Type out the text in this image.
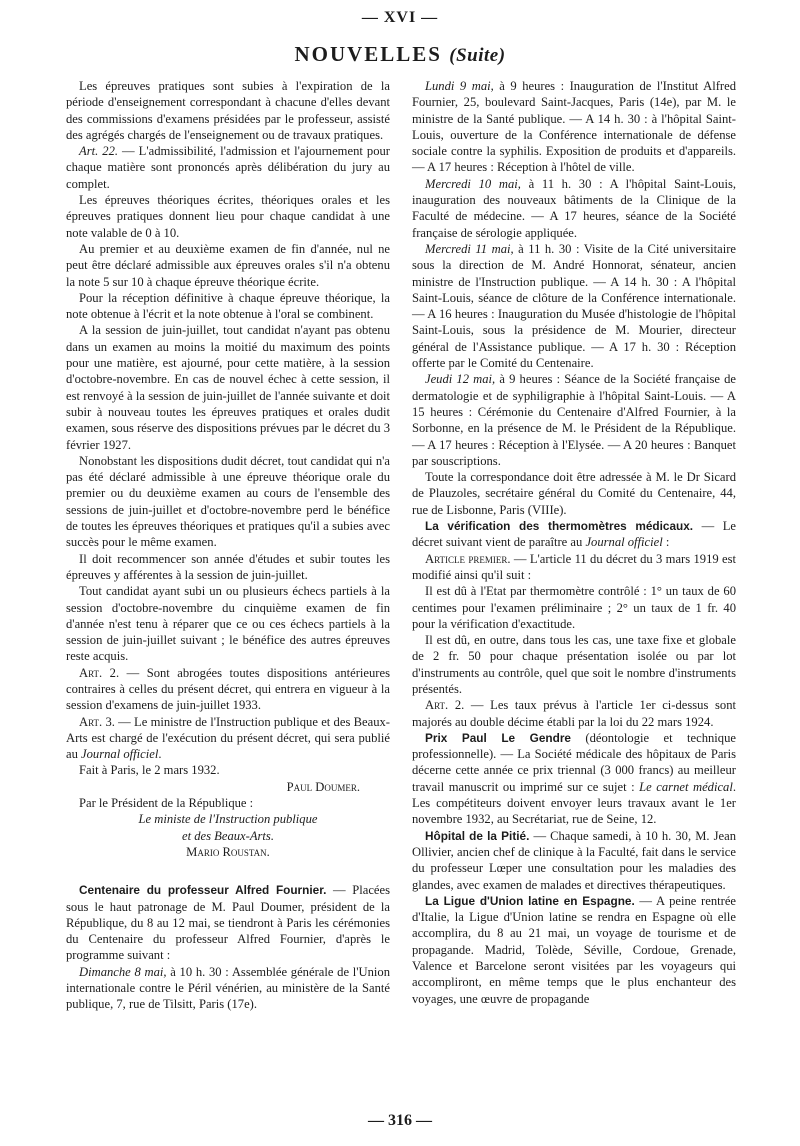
— XVI —
NOUVELLES (Suite)

Les épreuves pratiques sont subies à l'expiration de la période d'enseignement correspondant à chacune d'elles devant des commissions d'examens présidées par le professeur, assisté des agrégés chargés de l'enseignement ou de travaux pratiques.

Art. 22. — L'admissibilité, l'admission et l'ajournement pour chaque matière sont prononcés après délibération du jury au complet.

Les épreuves théoriques écrites, théoriques orales et les épreuves pratiques donnent lieu pour chaque candidat à une note valable de 0 à 10.

Au premier et au deuxième examen de fin d'année, nul ne peut être déclaré admissible aux épreuves orales s'il n'a obtenu la note 5 sur 10 à chaque épreuve théorique écrite.

Pour la réception définitive à chaque épreuve théorique, la note obtenue à l'écrit et la note obtenue à l'oral se combinent.

A la session de juin-juillet, tout candidat n'ayant pas obtenu dans un examen au moins la moitié du maximum des points pour une matière, est ajourné, pour cette matière, à la session d'octobre-novembre. En cas de nouvel échec à cette session, il est renvoyé à la session de juin-juillet de l'année suivante et doit subir à nouveau toutes les épreuves pratiques et orales dudit examen, sous réserve des dispositions prévues par le décret du 3 février 1927.

Nonobstant les dispositions dudit décret, tout candidat qui n'a pas été déclaré admissible à une épreuve théorique orale du premier ou du deuxième examen au cours de l'ensemble des sessions de juin-juillet et d'octobre-novembre perd le bénéfice de toutes les épreuves théoriques et pratiques qu'il a subies avec succès pour le même examen.

Il doit recommencer son année d'études et subir toutes les épreuves y afférentes à la session de juin-juillet.

Tout candidat ayant subi un ou plusieurs échecs partiels à la session d'octobre-novembre du cinquième examen de fin d'année n'est tenu à réparer que ce ou ces échecs partiels à la session de juin-juillet suivant ; le bénéfice des autres épreuves reste acquis.

Art. 2. — Sont abrogées toutes dispositions antérieures contraires à celles du présent décret, qui entrera en vigueur à la session d'examens de juin-juillet 1933.

Art. 3. — Le ministre de l'Instruction publique et des Beaux-Arts est chargé de l'exécution du présent décret, qui sera publié au Journal officiel.

Fait à Paris, le 2 mars 1932.

Paul Doumer.

Par le Président de la République :

Le ministe de l'Instruction publique

et des Beaux-Arts.

Mario Roustan.

Centenaire du professeur Alfred Fournier. — Placées sous le haut patronage de M. Paul Doumer, président de la République, du 8 au 12 mai, se tiendront à Paris les cérémonies du Centenaire du professeur Alfred Fournier, d'après le programme suivant :

Dimanche 8 mai, à 10 h. 30 : Assemblée générale de l'Union internationale contre le Péril vénérien, au ministère de la Santé publique, 7, rue de Tilsitt, Paris (17e).

Lundi 9 mai, à 9 heures : Inauguration de l'Institut Alfred Fournier, 25, boulevard Saint-Jacques, Paris (14e), par M. le ministre de la Santé publique. — A 14 h. 30 : à l'hôpital Saint-Louis, ouverture de la Conférence internationale de défense sociale contre la syphilis. Exposition de produits et d'appareils. — A 17 heures : Réception à l'hôtel de ville.

Mercredi 10 mai, à 11 h. 30 : A l'hôpital Saint-Louis, inauguration des nouveaux bâtiments de la Clinique de la Faculté de médecine. — A 17 heures, séance de la Société française de sérologie appliquée.

Mercredi 11 mai, à 11 h. 30 : Visite de la Cité universitaire sous la direction de M. André Honnorat, sénateur, ancien ministre de l'Instruction publique. — A 14 h. 30 : A l'hôpital Saint-Louis, séance de clôture de la Conférence internationale. — A 16 heures : Inauguration du Musée d'histologie de l'hôpital Saint-Louis, sous la présidence de M. Mourier, directeur général de l'Assistance publique. — A 17 h. 30 : Réception offerte par le Comité du Centenaire.

Jeudi 12 mai, à 9 heures : Séance de la Société française de dermatologie et de syphiligraphie à l'hôpital Saint-Louis. — A 15 heures : Cérémonie du Centenaire d'Alfred Fournier, à la Sorbonne, en la présence de M. le Président de la République. — A 17 heures : Réception à l'Elysée. — A 20 heures : Banquet par souscriptions.

Toute la correspondance doit être adressée à M. le Dr Sicard de Plauzoles, secrétaire général du Comité du Centenaire, 44, rue de Lisbonne, Paris (VIIIe).

La vérification des thermomètres médicaux. — Le décret suivant vient de paraître au Journal officiel :

Article premier. — L'article 11 du décret du 3 mars 1919 est modifié ainsi qu'il suit :

Il est dû à l'Etat par thermomètre contrôlé : 1° un taux de 60 centimes pour l'examen préliminaire ; 2° un taux de 1 fr. 40 pour la vérification d'exactitude.

Il est dû, en outre, dans tous les cas, une taxe fixe et globale de 2 fr. 50 pour chaque présentation isolée ou par lot d'instruments au contrôle, quel que soit le nombre d'instruments présentés.

Art. 2. — Les taux prévus à l'article 1er ci-dessus sont majorés au double décime établi par la loi du 22 mars 1924.

Prix Paul Le Gendre (déontologie et technique professionnelle). — La Société médicale des hôpitaux de Paris décerne cette année ce prix triennal (3 000 francs) au meilleur travail manuscrit ou imprimé sur ce sujet : Le carnet médical. Les compétiteurs doivent envoyer leurs travaux avant le 1er novembre 1932, au Secrétariat, rue de Seine, 12.

Hôpital de la Pitié. — Chaque samedi, à 10 h. 30, M. Jean Ollivier, ancien chef de clinique à la Faculté, fait dans le service du professeur Lœper une consultation pour les maladies des glandes, avec examen de malades et directives thérapeutiques.

La Ligue d'Union latine en Espagne. — A peine rentrée d'Italie, la Ligue d'Union latine se rendra en Espagne où elle accomplira, du 8 au 21 mai, un voyage de tourisme et de propagande. Madrid, Tolède, Séville, Cordoue, Grenade, Valence et Barcelone seront visitées par les voyageurs qui accompliront, en même temps que le plus enchanteur des voyages, une œuvre de propagande

— 316 —
